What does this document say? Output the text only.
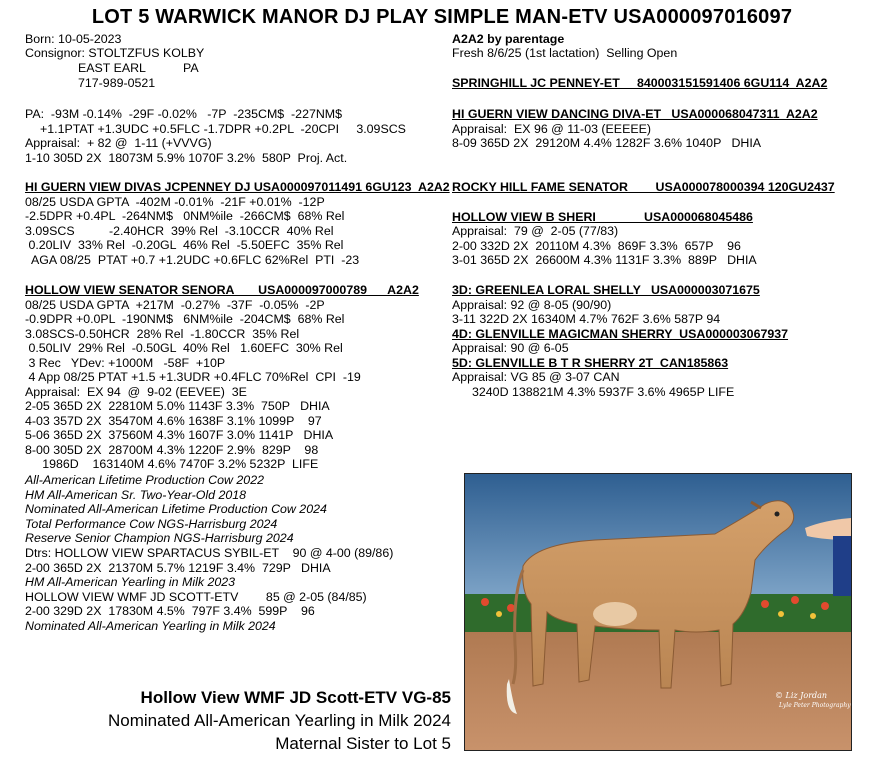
LOT 5 WARWICK MANOR DJ PLAY SIMPLE MAN-ETV USA000097016097
Born: 10-05-2023
Consignor: STOLTZFUS KOLBY
EAST EARL	PA
717-989-0521
PA:  -93M -0.14%  -29F -0.02%   -7P  -235CM$  -227NM$
+1.1PTAT +1.3UDC +0.5FLC -1.7DPR +0.2PL  -20CPI     3.09SCS
Appraisal:  + 82 @  1-11 (+VVVG)
1-10 305D 2X  18073M 5.9% 1070F 3.2%  580P  Proj. Act.
HI GUERN VIEW DIVAS JCPENNEY DJ USA000097011491 6GU123  A2A2
08/25 USDA GPTA  -402M -0.01%  -21F +0.01%  -12P
-2.5DPR +0.4PL  -264NM$   0NM%ile  -266CM$  68% Rel
3.09SCS          -2.40HCR  39% Rel  -3.10CCR  40% Rel
0.20LIV  33% Rel  -0.20GL  46% Rel  -5.50EFC  35% Rel
AGA 08/25  PTAT +0.7 +1.2UDC +0.6FLC 62%Rel  PTI  -23
HOLLOW VIEW SENATOR SENORA       USA000097000789      A2A2
08/25 USDA GPTA  +217M  -0.27%  -37F  -0.05%  -2P
-0.9DPR +0.0PL  -190NM$   6NM%ile  -204CM$  68% Rel
3.08SCS-0.50HCR  28% Rel  -1.80CCR  35% Rel
0.50LIV  29% Rel  -0.50GL  40% Rel   1.60EFC  30% Rel
3 Rec   YDev: +1000M   -58F  +10P
4 App 08/25 PTAT +1.5 +1.3UDR +0.4FLC 70%Rel  CPI  -19
Appraisal:  EX 94  @  9-02 (EEVEE)  3E
2-05 365D 2X  22810M 5.0% 1143F 3.3%  750P   DHIA
4-03 357D 2X  35470M 4.6% 1638F 3.1% 1099P    97
5-06 365D 2X  37560M 4.3% 1607F 3.0% 1141P   DHIA
8-00 305D 2X  28700M 4.3% 1220F 2.9%  829P    98
1986D    163140M 4.6% 7470F 3.2% 5232P  LIFE
All-American Lifetime Production Cow 2022
HM All-American Sr. Two-Year-Old 2018
Nominated All-American Lifetime Production Cow 2024
Total Performance Cow NGS-Harrisburg 2024
Reserve Senior Champion NGS-Harrisburg 2024
Dtrs: HOLLOW VIEW SPARTACUS SYBIL-ET    90 @ 4-00 (89/86)
2-00 365D 2X  21370M 5.7% 1219F 3.4%  729P   DHIA
HM All-American Yearling in Milk 2023
HOLLOW VIEW WMF JD SCOTT-ETV        85 @ 2-05 (84/85)
2-00 329D 2X  17830M 4.5%  797F 3.4%  599P    96
Nominated All-American Yearling in Milk 2024
A2A2 by parentage
Fresh 8/6/25 (1st lactation)  Selling Open
SPRINGHILL JC PENNEY-ET     840003151591406 6GU114  A2A2
HI GUERN VIEW DANCING DIVA-ET   USA000068047311  A2A2
Appraisal:  EX 96 @ 11-03 (EEEEE)
8-09 365D 2X  29120M 4.4% 1282F 3.6% 1040P   DHIA
ROCKY HILL FAME SENATOR        USA000078000394 120GU2437
HOLLOW VIEW B SHERI              USA000068045486
Appraisal:  79 @  2-05 (77/83)
2-00 332D 2X  20110M 4.3%  869F 3.3%  657P    96
3-01 365D 2X  26600M 4.3% 1131F 3.3%  889P   DHIA
3D: GREENLEA LORAL SHELLY   USA000003071675
Appraisal: 92 @ 8-05 (90/90)
3-11 322D 2X 16340M 4.7% 762F 3.6% 587P 94
4D: GLENVILLE MAGICMAN SHERRY  USA000003067937
Appraisal: 90 @ 6-05
5D: GLENVILLE B T R SHERRY 2T  CAN185863
Appraisal: VG 85 @ 3-07 CAN
3240D 138821M 4.3% 5937F 3.6% 4965P LIFE
© Liz Jordan
Lyle Peter Photography
Hollow View WMF JD Scott-ETV VG-85
Nominated All-American Yearling in Milk 2024
Maternal Sister to Lot 5
